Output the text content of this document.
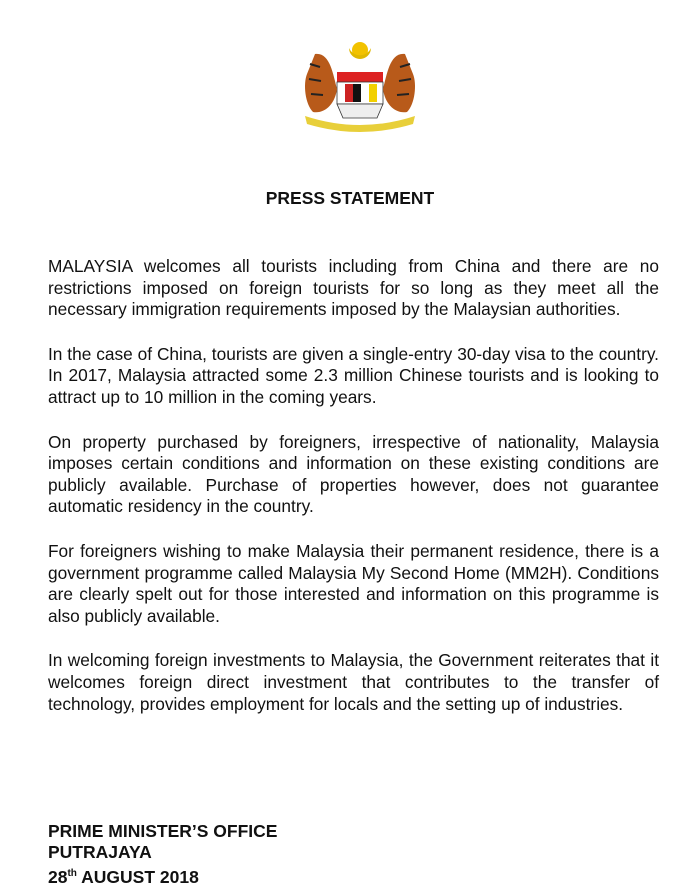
PRESS STATEMENT

MALAYSIA welcomes all tourists including from China and there are no restrictions imposed on foreign tourists for so long as they meet all the necessary immigration requirements imposed by the Malaysian authorities.

In the case of China, tourists are given a single-entry 30-day visa to the country. In 2017, Malaysia attracted some 2.3 million Chinese tourists and is looking to attract up to 10 million in the coming years.

On property purchased by foreigners, irrespective of nationality, Malaysia imposes certain conditions and information on these existing conditions are publicly available. Purchase of properties however, does not guarantee automatic residency in the country.

For foreigners wishing to make Malaysia their permanent residence, there is a government programme called Malaysia My Second Home (MM2H). Conditions are clearly spelt out for those interested and information on this programme is also publicly available.

In welcoming foreign investments to Malaysia, the Government reiterates that it welcomes foreign direct investment that contributes to the transfer of technology, provides employment for locals and the setting up of industries.

PRIME MINISTER’S OFFICE
PUTRAJAYA
28th AUGUST 2018
